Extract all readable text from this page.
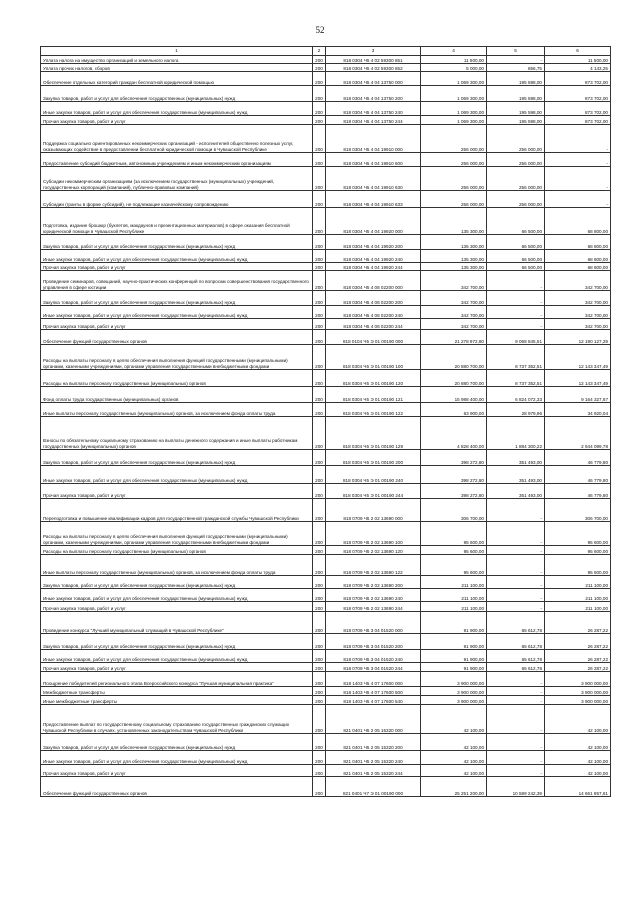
52
1	2	3	4	5	6
Уплата налога на имущество организаций и земельного налога	200	818 0304 Ч5 4 02 59300 851	11 500,00	-	11 500,00
Уплата прочих налогов, сборов	200	818 0304 Ч5 4 02 59300 852	5 000,00	856,75	4 143,25
Обеспечение отдельных категорий граждан бесплатной юридической помощью	200	818 0304 Ч5 4 04 13750 000	1 069 300,00	195 598,00	873 702,00
Закупка товаров, работ и услуг для обеспечения государственных (муниципальных) нужд	200	818 0304 Ч5 4 04 13750 200	1 069 300,00	195 598,00	873 702,00
Иные закупки товаров, работ и услуг для обеспечения государственных (муниципальных) нужд	200	818 0304 Ч5 4 04 13750 240	1 069 300,00	195 598,00	873 702,00
Прочая закупка товаров, работ и услуг	200	818 0304 Ч5 4 04 13750 244	1 069 300,00	195 598,00	873 702,00
Поддержка социально ориентированных некоммерческих организаций - исполнителей общественно полезных услуг, оказывающих содействие в предоставлении бесплатной юридической помощи в Чувашской Республике	200	818 0304 Ч5 4 04 19910 000	256 000,00	256 000,00	-
Предоставление субсидий бюджетным, автономным учреждениям и иным некоммерческим организациям	200	818 0304 Ч5 4 04 19910 600	256 000,00	256 000,00	-
Субсидии некоммерческим организациям (за исключением государственных (муниципальных) учреждений, государственных корпораций (компаний), публично-правовых компаний)	200	818 0304 Ч5 4 04 19910 630	256 000,00	256 000,00	-
Субсидии (гранты в форме субсидий), не подлежащие казначейскому сопровождению	200	818 0304 Ч5 4 04 19910 633	256 000,00	256 000,00	-
Подготовка, издание брошюр (буклетов, макдаунов и презентационных материалов) в сфере оказания бесплатной юридической помощи в Чувашской Республике	200	818 0304 Ч5 4 04 19920 000	135 300,00	66 500,00	68 800,00
Закупка товаров, работ и услуг для обеспечения государственных (муниципальных) нужд	200	818 0304 Ч5 4 04 19920 200	135 300,00	66 500,00	68 800,00
Иные закупки товаров, работ и услуг для обеспечения государственных (муниципальных) нужд	200	818 0304 Ч5 4 04 19920 240	135 300,00	66 500,00	68 800,00
Прочая закупка товаров, работ и услуг	200	818 0304 Ч5 4 04 19920 244	135 300,00	66 500,00	68 800,00
Проведение семинаров, совещаний, научно-практических конференций по вопросам совершенствования государственного управления в сфере юстиции	200	818 0304 Ч5 4 08 02200 000	342 700,00	-	342 700,00
Закупка товаров, работ и услуг для обеспечения государственных (муниципальных) нужд	200	818 0304 Ч5 4 08 02200 200	342 700,00	-	342 700,00
Иные закупки товаров, работ и услуг для обеспечения государственных (муниципальных) нужд	200	818 0304 Ч5 4 08 02200 240	342 700,00	-	342 700,00
Прочая закупка товаров, работ и услуг	200	818 0304 Ч5 4 08 02200 244	342 700,00	-	342 700,00
Обеспечение функций государственных органов	200	818 0104 Ч5 Э 01 00190 000	21 278 972,80	9 068 845,51	12 190 127,29
Расходы на выплаты персоналу в целях обеспечения выполнения функций государственными (муниципальными) органами, казенными учреждениями, органами управления государственными внебюджетными фондами	200	818 0304 Ч5 Э 01 00190 100	20 880 700,00	8 737 352,51	12 143 347,49
Расходы на выплаты персоналу государственных (муниципальных) органов	200	818 0304 Ч5 Э 01 00190 120	20 880 700,00	8 737 352,51	12 143 347,49
Фонд оплаты труда государственных (муниципальных) органов	200	818 0304 Ч5 Э 01 00190 121	15 988 400,00	6 824 072,33	9 164 327,67
Иные выплаты персоналу государственных (муниципальных) органов, за исключением фонда оплаты труда	200	818 0304 Ч5 Э 01 00190 122	63 900,00	28 979,96	34 920,04
Взносы по обязательному социальному страхованию на выплаты денежного содержания и иные выплаты работникам государственных (муниципальных) органов	200	818 0304 Ч5 Э 01 00190 129	4 828 400,00	1 884 300,22	2 944 099,78
Закупка товаров, работ и услуг для обеспечения государственных (муниципальных) нужд	200	818 0304 Ч5 Э 01 00190 200	398 272,80	351 493,00	46 779,80
Иные закупки товаров, работ и услуг для обеспечения государственных (муниципальных) нужд	200	818 0304 Ч5 Э 01 00190 240	398 272,80	351 493,00	46 779,80
Прочая закупка товаров, работ и услуг	200	818 0304 Ч5 Э 01 00190 244	398 272,80	351 493,00	46 779,80
Переподготовка и повышение квалификации кадров для государственной гражданской службы Чувашской Республики	200	818 0709 Ч5 2 02 13690 000	306 700,00	-	306 700,00
Расходы на выплаты персоналу в целях обеспечения выполнения функций государственными (муниципальными) органами, казенными учреждениями, органами управления государственными внебюджетными фондами	200	818 0709 Ч5 2 02 13690 100	95 600,00	-	95 600,00
Расходы на выплаты персоналу государственных (муниципальных) органов	200	818 0709 Ч5 2 02 13690 120	95 600,00	-	95 600,00
Иные выплаты персоналу государственных (муниципальных) органов, за исключением фонда оплаты труда	200	818 0709 Ч5 2 02 13690 122	95 600,00	-	95 600,00
Закупка товаров, работ и услуг для обеспечения государственных (муниципальных) нужд	200	818 0709 Ч5 2 02 13690 200	211 100,00	-	211 100,00
Иные закупки товаров, работ и услуг для обеспечения государственных (муниципальных) нужд	200	818 0709 Ч5 2 02 13690 240	211 100,00	-	211 100,00
Прочая закупка товаров, работ и услуг	200	818 0709 Ч5 2 02 13690 244	211 100,00	-	211 100,00
Проведение конкурса "Лучший муниципальный служащий в Чувашской Республике"	200	818 0709 Ч5 3 04 01520 000	91 900,00	65 612,78	26 287,22
Закупка товаров, работ и услуг для обеспечения государственных (муниципальных) нужд	200	818 0709 Ч5 3 04 01520 200	91 900,00	65 612,78	26 287,22
Иные закупки товаров, работ и услуг для обеспечения государственных (муниципальных) нужд	200	818 0709 Ч5 3 04 01520 240	91 900,00	65 612,78	26 287,22
Прочая закупка товаров, работ и услуг	200	818 0709 Ч5 3 04 01520 244	91 900,00	65 612,78	26 287,22
Поощрение победителей регионального этапа Всероссийского конкурса "Лучшая муниципальная практика"	200	818 1403 Ч5 4 07 17600 000	3 900 000,00	-	3 900 000,00
Межбюджетные трансферты	200	818 1403 Ч5 4 07 17600 500	3 900 000,00	-	3 900 000,00
Иные межбюджетные трансферты	200	818 1403 Ч5 4 07 17600 540	3 900 000,00	-	3 900 000,00
Предоставление выплат по государственному социальному страхованию государственных гражданских служащих Чувашской Республики в случаях, установленных законодательством Чувашской Республики	200	821 0401 Ч5 2 05 15320 000	42 100,00	-	42 100,00
Закупка товаров, работ и услуг для обеспечения государственных (муниципальных) нужд	200	821 0401 Ч5 2 05 15320 200	42 100,00	-	42 100,00
Иные закупки товаров, работ и услуг для обеспечения государственных (муниципальных) нужд	200	821 0401 Ч5 2 05 15320 240	42 100,00	-	42 100,00
Прочая закупка товаров, работ и услуг	200	821 0401 Ч5 2 05 15320 244	42 100,00	-	42 100,00
Обеспечение функций государственных органов	200	821 0401 Ч7 Э 01 00190 000	25 251 200,00	10 589 242,39	14 661 957,61
